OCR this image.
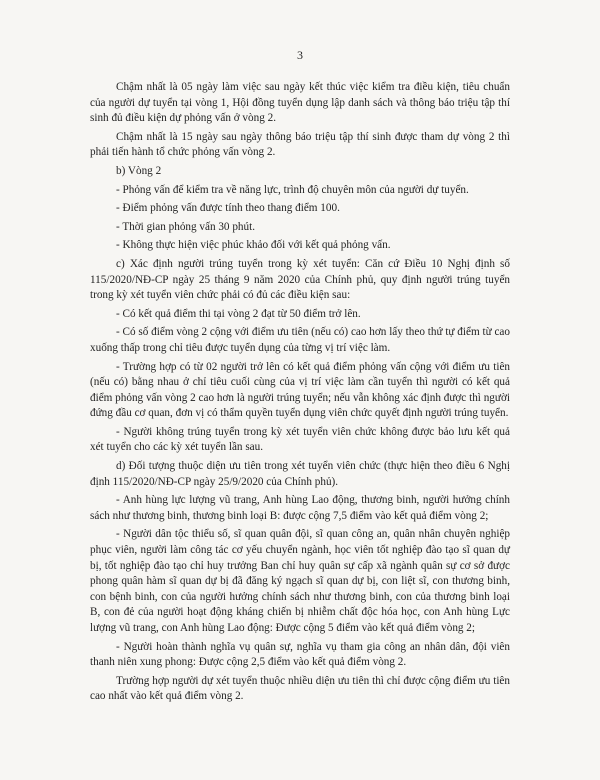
3

Chậm nhất là 05 ngày làm việc sau ngày kết thúc việc kiểm tra điều kiện, tiêu chuẩn của người dự tuyển tại vòng 1, Hội đồng tuyển dụng lập danh sách và thông báo triệu tập thí sinh đủ điều kiện dự phỏng vấn ở vòng 2.

Chậm nhất là 15 ngày sau ngày thông báo triệu tập thí sinh được tham dự vòng 2 thì phải tiến hành tổ chức phỏng vấn vòng 2.

b) Vòng 2

- Phỏng vấn để kiểm tra về năng lực, trình độ chuyên môn của người dự tuyển.

- Điểm phỏng vấn được tính theo thang điểm 100.

- Thời gian phỏng vấn 30 phút.

- Không thực hiện việc phúc khảo đối với kết quả phỏng vấn.

c) Xác định người trúng tuyển trong kỳ xét tuyển: Căn cứ Điều 10 Nghị định số 115/2020/NĐ-CP ngày 25 tháng 9 năm 2020 của Chính phủ, quy định người trúng tuyển trong kỳ xét tuyển viên chức phải có đủ các điều kiện sau:

- Có kết quả điểm thi tại vòng 2 đạt từ 50 điểm trở lên.

- Có số điểm vòng 2 cộng với điểm ưu tiên (nếu có) cao hơn lấy theo thứ tự điểm từ cao xuống thấp trong chỉ tiêu được tuyển dụng của từng vị trí việc làm.

- Trường hợp có từ 02 người trở lên có kết quả điểm phỏng vấn cộng với điểm ưu tiên (nếu có) bằng nhau ở chỉ tiêu cuối cùng của vị trí việc làm cần tuyển thì người có kết quả điểm phỏng vấn vòng 2 cao hơn là người trúng tuyển; nếu vẫn không xác định được thì người đứng đầu cơ quan, đơn vị có thẩm quyền tuyển dụng viên chức quyết định người trúng tuyển.

- Người không trúng tuyển trong kỳ xét tuyển viên chức không được bảo lưu kết quả xét tuyển cho các kỳ xét tuyển lần sau.

d) Đối tượng thuộc diện ưu tiên trong xét tuyển viên chức (thực hiện theo điều 6 Nghị định 115/2020/NĐ-CP ngày 25/9/2020 của Chính phủ).

- Anh hùng lực lượng vũ trang, Anh hùng Lao động, thương binh, người hưởng chính sách như thương binh, thương binh loại B: được cộng 7,5 điểm vào kết quả điểm vòng 2;

- Người dân tộc thiểu số, sĩ quan quân đội, sĩ quan công an, quân nhân chuyên nghiệp phục viên, người làm công tác cơ yếu chuyển ngành, học viên tốt nghiệp đào tạo sĩ quan dự bị, tốt nghiệp đào tạo chỉ huy trưởng Ban chỉ huy quân sự cấp xã ngành quân sự cơ sở được phong quân hàm sĩ quan dự bị đã đăng ký ngạch sĩ quan dự bị, con liệt sĩ, con thương binh, con bệnh binh, con của người hưởng chính sách như thương binh, con của thương binh loại B, con đẻ của người hoạt động kháng chiến bị nhiễm chất độc hóa học, con Anh hùng Lực lượng vũ trang, con Anh hùng Lao động: Được cộng 5 điểm vào kết quả điểm vòng 2;

- Người hoàn thành nghĩa vụ quân sự, nghĩa vụ tham gia công an nhân dân, đội viên thanh niên xung phong: Được cộng 2,5 điểm vào kết quả điểm vòng 2.

Trường hợp người dự xét tuyển thuộc nhiều diện ưu tiên thì chỉ được cộng điểm ưu tiên cao nhất vào kết quả điểm vòng 2.
